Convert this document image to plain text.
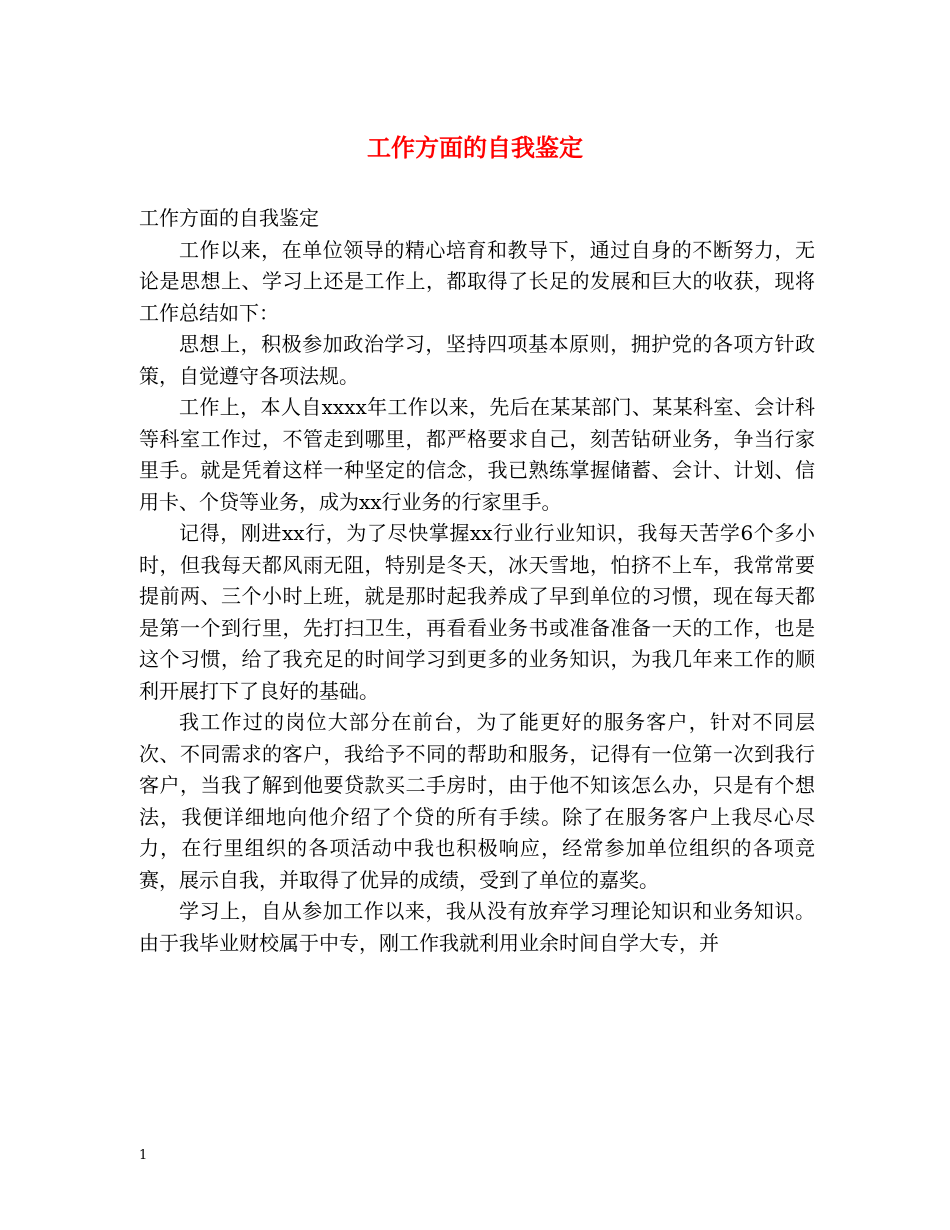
工作方面的自我鉴定

工作方面的自我鉴定

工作以来，在单位领导的精心培育和教导下，通过自身的不断努力，无论是思想上、学习上还是工作上，都取得了长足的发展和巨大的收获，现将工作总结如下：

思想上，积极参加政治学习，坚持四项基本原则，拥护党的各项方针政策，自觉遵守各项法规。

工作上，本人自xxxx年工作以来，先后在某某部门、某某科室、会计科等科室工作过，不管走到哪里，都严格要求自己，刻苦钻研业务，争当行家里手。就是凭着这样一种坚定的信念，我已熟练掌握储蓄、会计、计划、信用卡、个贷等业务，成为xx行业务的行家里手。

记得，刚进xx行，为了尽快掌握xx行业行业知识，我每天苦学6个多小时，但我每天都风雨无阻，特别是冬天，冰天雪地，怕挤不上车，我常常要提前两、三个小时上班，就是那时起我养成了早到单位的习惯，现在每天都是第一个到行里，先打扫卫生，再看看业务书或准备准备一天的工作，也是这个习惯，给了我充足的时间学习到更多的业务知识，为我几年来工作的顺利开展打下了良好的基础。

我工作过的岗位大部分在前台，为了能更好的服务客户，针对不同层次、不同需求的客户，我给予不同的帮助和服务，记得有一位第一次到我行客户，当我了解到他要贷款买二手房时，由于他不知该怎么办，只是有个想法，我便详细地向他介绍了个贷的所有手续。除了在服务客户上我尽心尽力，在行里组织的各项活动中我也积极响应，经常参加单位组织的各项竞赛，展示自我，并取得了优异的成绩，受到了单位的嘉奖。

学习上，自从参加工作以来，我从没有放弃学习理论知识和业务知识。由于我毕业财校属于中专，刚工作我就利用业余时间自学大专，并

1
